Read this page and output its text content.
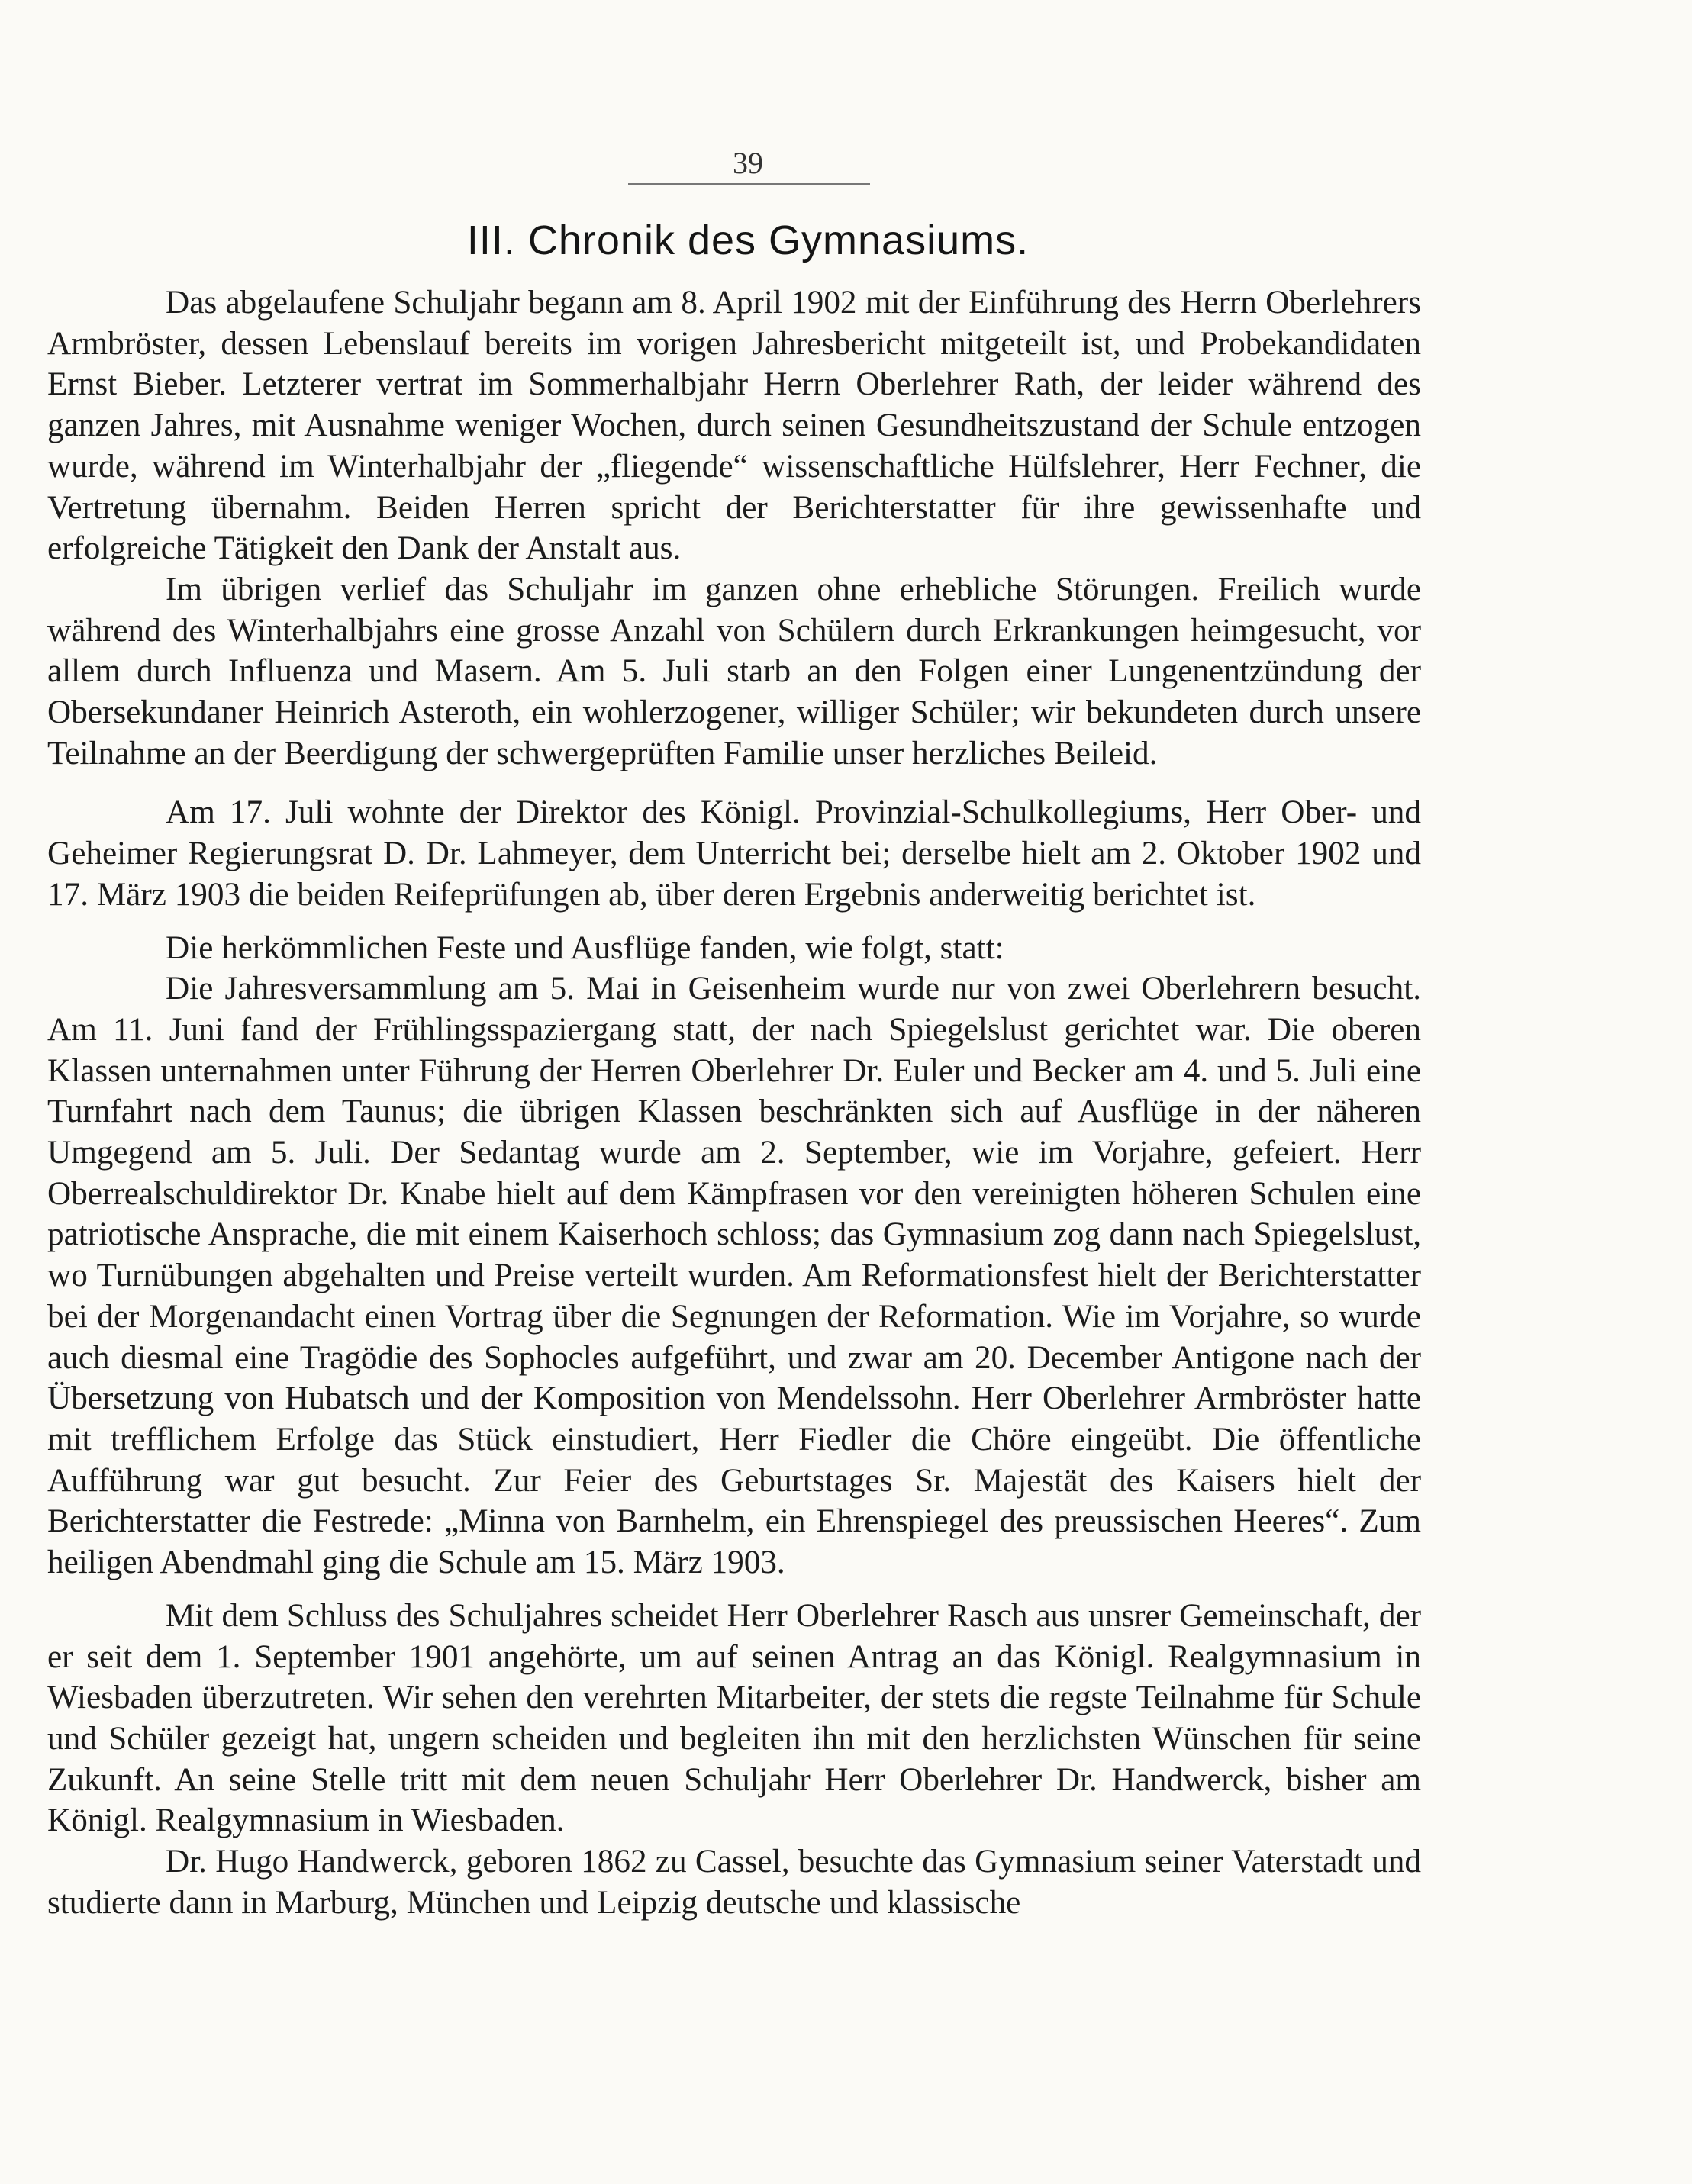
39
III. Chronik des Gymnasiums.

Das abgelaufene Schuljahr begann am 8. April 1902 mit der Einführung des Herrn Oberlehrers Armbröster, dessen Lebenslauf bereits im vorigen Jahresbericht mitgeteilt ist, und Probekandidaten Ernst Bieber. Letzterer vertrat im Sommerhalbjahr Herrn Oberlehrer Rath, der leider während des ganzen Jahres, mit Ausnahme weniger Wochen, durch seinen Gesundheitszustand der Schule entzogen wurde, während im Winterhalbjahr der „fliegende“ wissenschaftliche Hülfslehrer, Herr Fechner, die Vertretung übernahm. Beiden Herren spricht der Berichterstatter für ihre gewissenhafte und erfolgreiche Tätigkeit den Dank der Anstalt aus.

Im übrigen verlief das Schuljahr im ganzen ohne erhebliche Störungen. Freilich wurde während des Winterhalbjahrs eine grosse Anzahl von Schülern durch Erkrankungen heimgesucht, vor allem durch Influenza und Masern. Am 5. Juli starb an den Folgen einer Lungenentzündung der Obersekundaner Heinrich Asteroth, ein wohlerzogener, williger Schüler; wir bekundeten durch unsere Teilnahme an der Beerdigung der schwergeprüften Familie unser herzliches Beileid.

Am 17. Juli wohnte der Direktor des Königl. Provinzial-Schulkollegiums, Herr Ober- und Geheimer Regierungsrat D. Dr. Lahmeyer, dem Unterricht bei; derselbe hielt am 2. Oktober 1902 und 17. März 1903 die beiden Reifeprüfungen ab, über deren Ergebnis anderweitig berichtet ist.

Die herkömmlichen Feste und Ausflüge fanden, wie folgt, statt:

Die Jahresversammlung am 5. Mai in Geisenheim wurde nur von zwei Oberlehrern besucht. Am 11. Juni fand der Frühlingsspaziergang statt, der nach Spiegelslust gerichtet war. Die oberen Klassen unternahmen unter Führung der Herren Oberlehrer Dr. Euler und Becker am 4. und 5. Juli eine Turnfahrt nach dem Taunus; die übrigen Klassen beschränkten sich auf Ausflüge in der näheren Umgegend am 5. Juli. Der Sedantag wurde am 2. September, wie im Vorjahre, gefeiert. Herr Oberrealschuldirektor Dr. Knabe hielt auf dem Kämpfrasen vor den vereinigten höheren Schulen eine patriotische Ansprache, die mit einem Kaiserhoch schloss; das Gymnasium zog dann nach Spiegelslust, wo Turnübungen abgehalten und Preise verteilt wurden. Am Reformationsfest hielt der Berichterstatter bei der Morgenandacht einen Vortrag über die Segnungen der Reformation. Wie im Vorjahre, so wurde auch diesmal eine Tragödie des Sophocles aufgeführt, und zwar am 20. December Antigone nach der Übersetzung von Hubatsch und der Komposition von Mendelssohn. Herr Oberlehrer Armbröster hatte mit trefflichem Erfolge das Stück einstudiert, Herr Fiedler die Chöre eingeübt. Die öffentliche Aufführung war gut besucht. Zur Feier des Geburtstages Sr. Majestät des Kaisers hielt der Berichterstatter die Festrede: „Minna von Barnhelm, ein Ehrenspiegel des preussischen Heeres“. Zum heiligen Abendmahl ging die Schule am 15. März 1903.

Mit dem Schluss des Schuljahres scheidet Herr Oberlehrer Rasch aus unsrer Gemeinschaft, der er seit dem 1. September 1901 angehörte, um auf seinen Antrag an das Königl. Realgymnasium in Wiesbaden überzutreten. Wir sehen den verehrten Mitarbeiter, der stets die regste Teilnahme für Schule und Schüler gezeigt hat, ungern scheiden und begleiten ihn mit den herzlichsten Wünschen für seine Zukunft. An seine Stelle tritt mit dem neuen Schuljahr Herr Oberlehrer Dr. Handwerck, bisher am Königl. Realgymnasium in Wiesbaden.

Dr. Hugo Handwerck, geboren 1862 zu Cassel, besuchte das Gymnasium seiner Vaterstadt und studierte dann in Marburg, München und Leipzig deutsche und klassische
